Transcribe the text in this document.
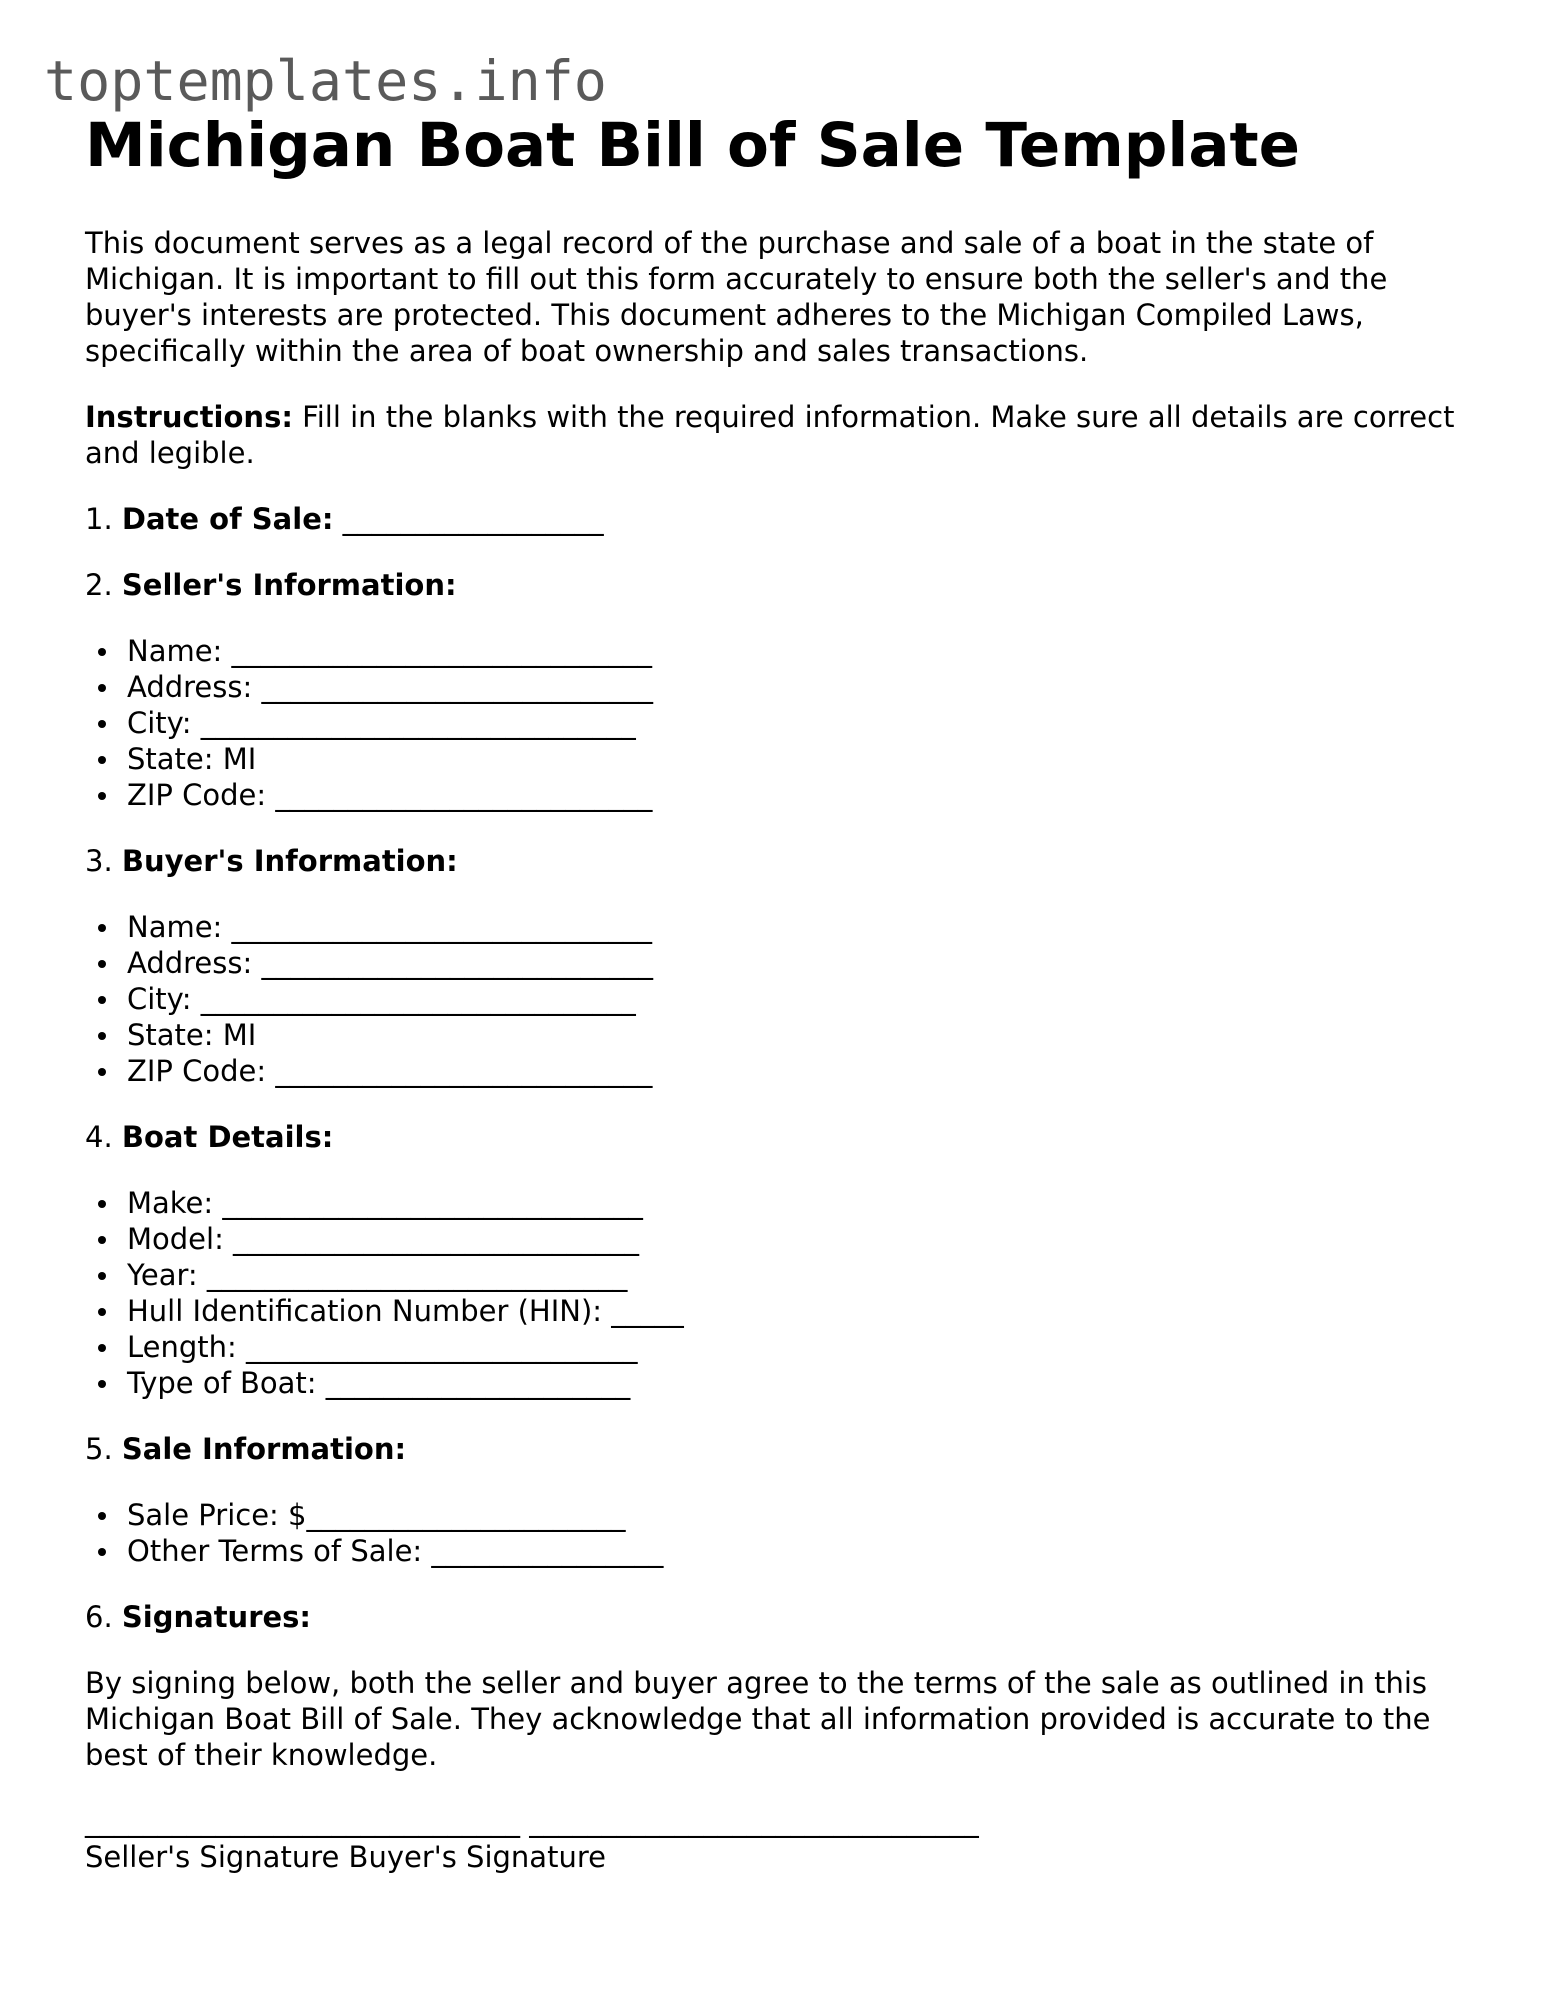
toptemplates.info
Michigan Boat Bill of Sale Template

This document serves as a legal record of the purchase and sale of a boat in the state of Michigan. It is important to fill out this form accurately to ensure both the seller's and the buyer's interests are protected. This document adheres to the Michigan Compiled Laws, specifically within the area of boat ownership and sales transactions.

Instructions: Fill in the blanks with the required information. Make sure all details are correct and legible.

1. Date of Sale: __________________
2. Seller's Information:
Name: _____________________________
Address: ___________________________
City: ______________________________
State: MI
ZIP Code: __________________________
3. Buyer's Information:
Name: _____________________________
Address: ___________________________
City: ______________________________
State: MI
ZIP Code: __________________________
4. Boat Details:
Make: _____________________________
Model: ____________________________
Year: _____________________________
Hull Identification Number (HIN): _____
Length: ___________________________
Type of Boat: _____________________
5. Sale Information:
Sale Price: $______________________
Other Terms of Sale: ________________
6. Signatures:

By signing below, both the seller and buyer agree to the terms of the sale as outlined in this Michigan Boat Bill of Sale. They acknowledge that all information provided is accurate to the best of their knowledge.

______________________________ _______________________________
Seller's Signature Buyer's Signature
